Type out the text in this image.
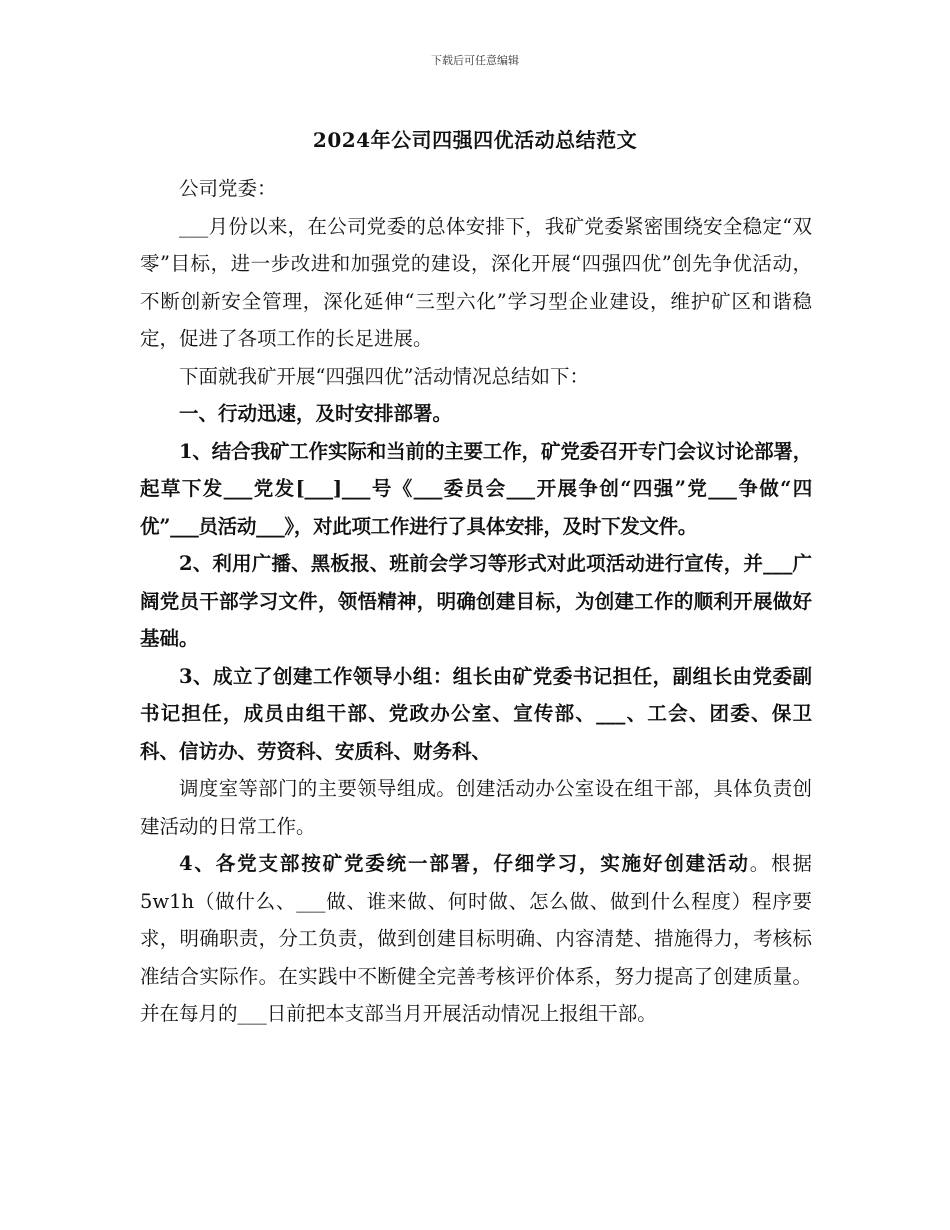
下载后可任意编辑
2024年公司四强四优活动总结范文

公司党委：

___月份以来，在公司党委的总体安排下，我矿党委紧密围绕安全稳定“双零”目标，进一步改进和加强党的建设，深化开展“四强四优”创先争优活动，不断创新安全管理，深化延伸“三型六化”学习型企业建设，维护矿区和谐稳定，促进了各项工作的长足进展。

下面就我矿开展“四强四优”活动情况总结如下：

一、行动迅速，及时安排部署。

1、结合我矿工作实际和当前的主要工作，矿党委召开专门会议讨论部署，起草下发___党发[___]___号《___委员会___开展争创“四强”党___争做“四优”___员活动___》，对此项工作进行了具体安排，及时下发文件。

2、利用广播、黑板报、班前会学习等形式对此项活动进行宣传，并___广阔党员干部学习文件，领悟精神，明确创建目标，为创建工作的顺利开展做好基础。

3、成立了创建工作领导小组：组长由矿党委书记担任，副组长由党委副书记担任，成员由组干部、党政办公室、宣传部、___、工会、团委、保卫科、信访办、劳资科、安质科、财务科、

调度室等部门的主要领导组成。创建活动办公室设在组干部，具体负责创建活动的日常工作。

4、各党支部按矿党委统一部署，仔细学习，实施好创建活动。根据5w1h（做什么、___做、谁来做、何时做、怎么做、做到什么程度）程序要求，明确职责，分工负责，做到创建目标明确、内容清楚、措施得力，考核标准结合实际作。在实践中不断健全完善考核评价体系，努力提高了创建质量。并在每月的___日前把本支部当月开展活动情况上报组干部。
